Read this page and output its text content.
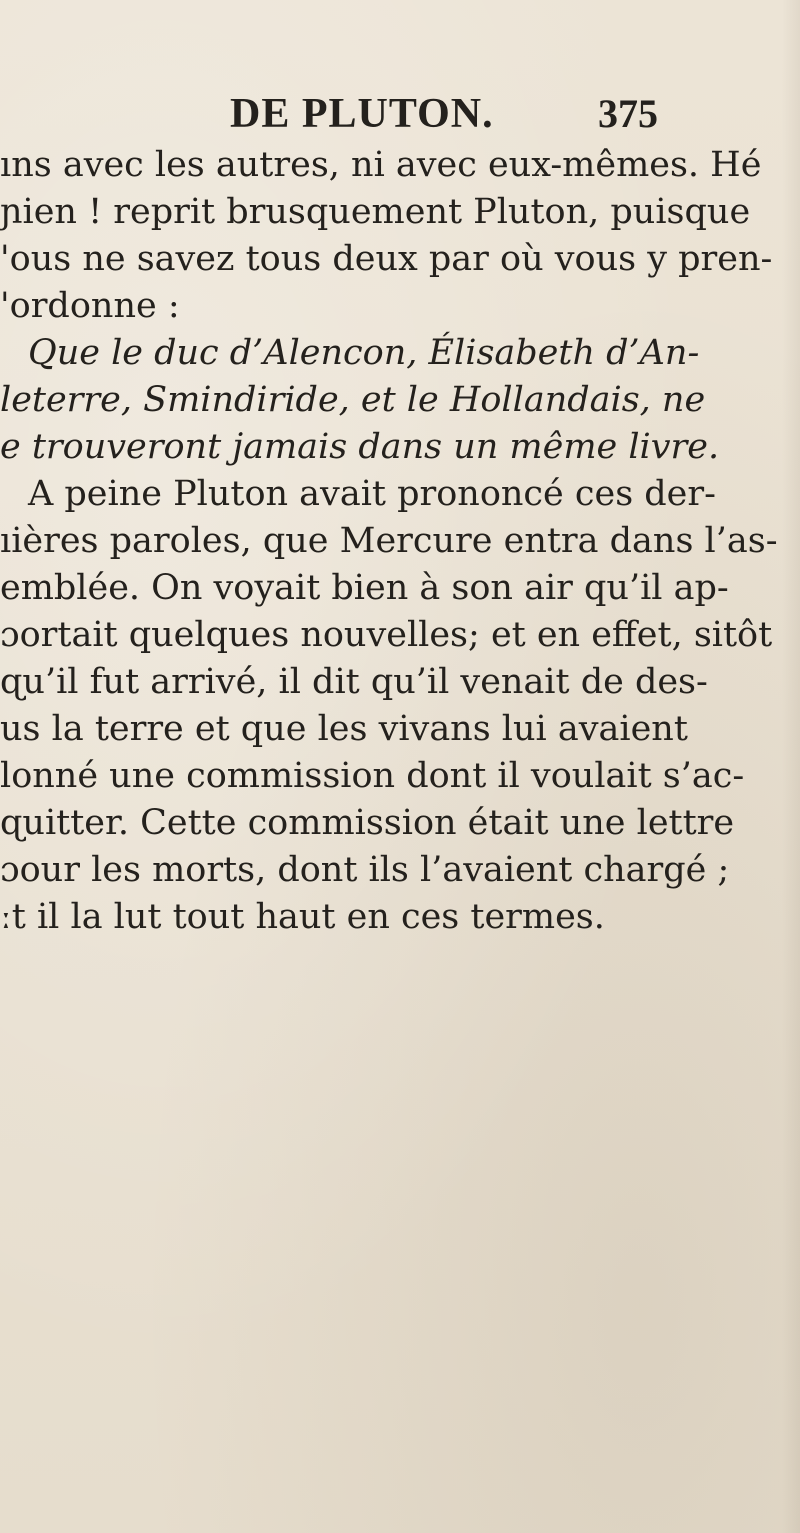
DE PLUTON.	375
ıns avec les autres, ni avec eux-mêmes. Hé
ɲien ! reprit brusquement Pluton, puisque
'ous ne savez tous deux par où vous y pren-
'ordonne :
Que le duc d’Alencon, Élisabeth d’An-
leterre, Smindiride, et le Hollandais, ne
e trouveront jamais dans un même livre.
A peine Pluton avait prononcé ces der-
ıières paroles, que Mercure entra dans l’as-
emblée. On voyait bien à son air qu’il ap-
ɔortait quelques nouvelles; et en effet, sitôt
ɋu’il fut arrivé, il dit qu’il venait de des-
us la terre et que les vivans lui avaient
lonné une commission dont il voulait s’ac-
ɋuitter. Cette commission était une lettre
ɔour les morts, dont ils l’avaient chargé ;
ːt il la lut tout haut en ces termes.
